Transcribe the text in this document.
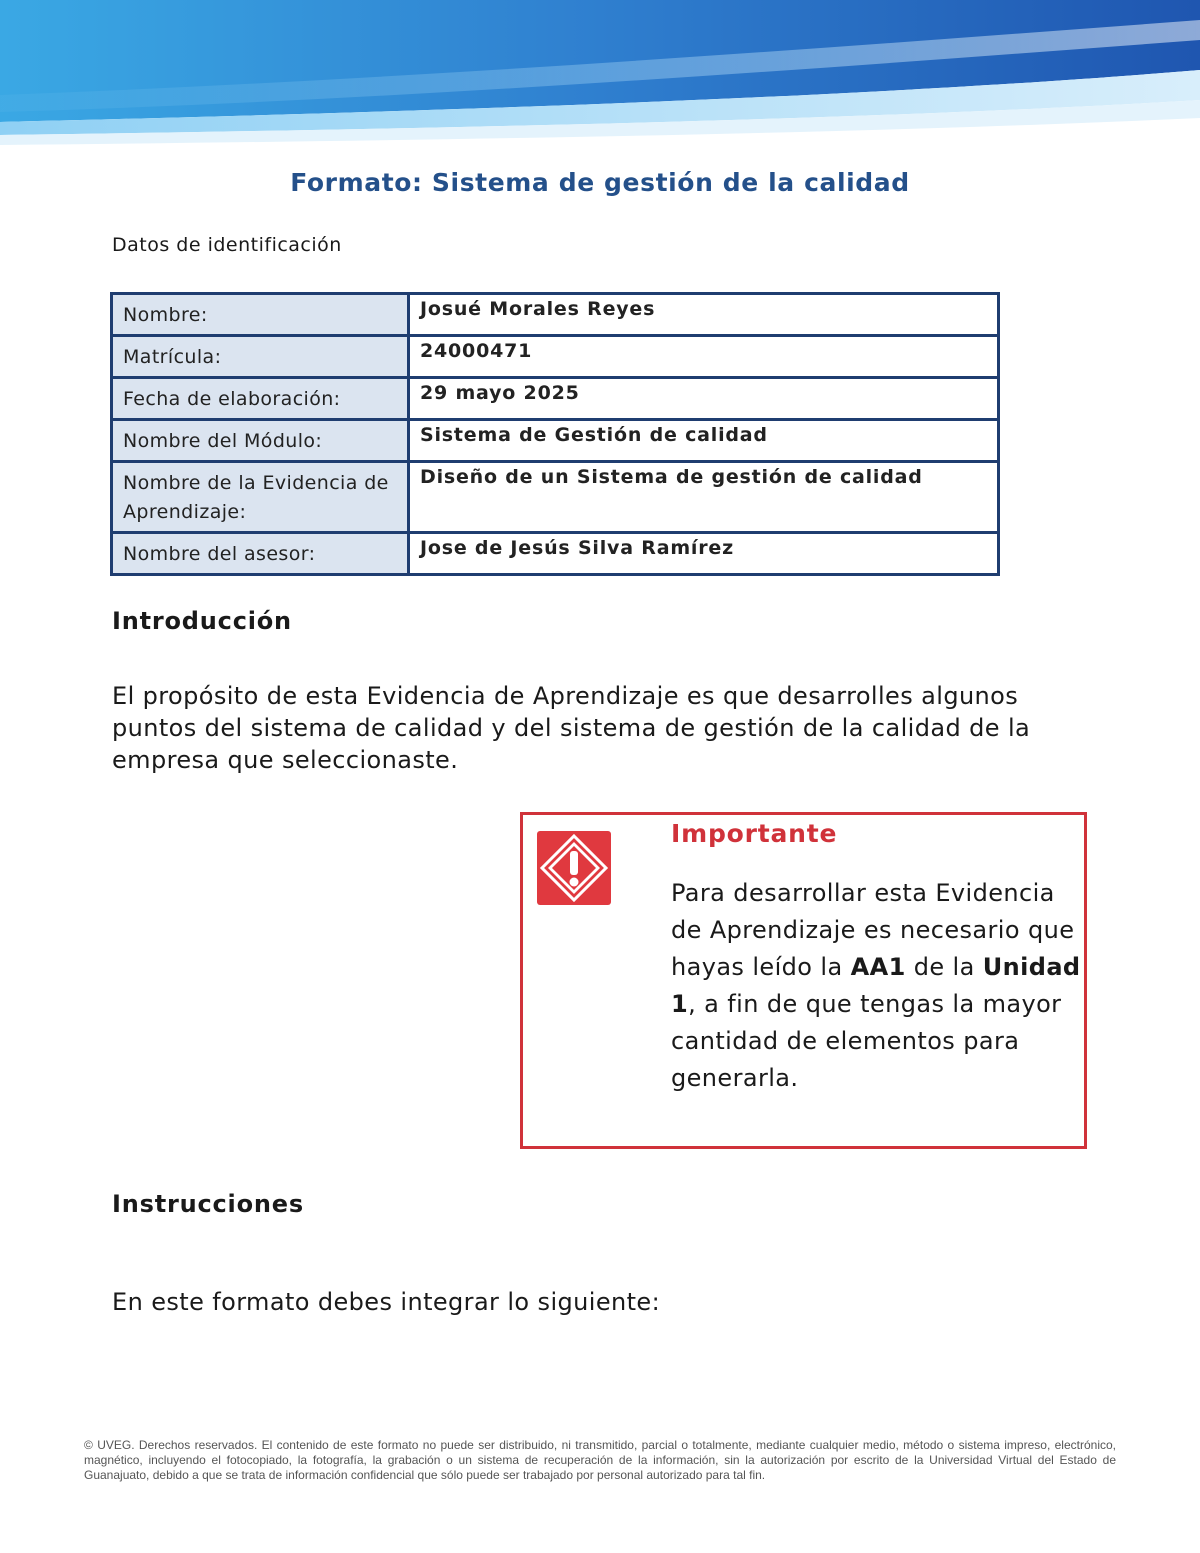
Formato: Sistema de gestión de la calidad
Datos de identificación
Nombre:	Josué Morales Reyes
Matrícula:	24000471
Fecha de elaboración:	29 mayo 2025
Nombre del Módulo:	Sistema de Gestión de calidad
Nombre de la Evidencia de Aprendizaje:	Diseño de un Sistema de gestión de calidad
Nombre del asesor:	Jose de Jesús Silva Ramírez
Introducción

El propósito de esta Evidencia de Aprendizaje es que desarrolles algunos puntos del sistema de calidad y del sistema de gestión de la calidad de la empresa que seleccionaste.

Importante

Para desarrollar esta Evidencia de Aprendizaje es necesario que hayas leído la AA1 de la Unidad 1, a fin de que tengas la mayor cantidad de elementos para generarla.

Instrucciones

En este formato debes integrar lo siguiente:

© UVEG. Derechos reservados. El contenido de este formato no puede ser distribuido, ni transmitido, parcial o totalmente, mediante cualquier medio, método o sistema impreso, electrónico, magnético, incluyendo el fotocopiado, la fotografía, la grabación o un sistema de recuperación de la información, sin la autorización por escrito de la Universidad Virtual del Estado de Guanajuato, debido a que se trata de información confidencial que sólo puede ser trabajado por personal autorizado para tal fin.
